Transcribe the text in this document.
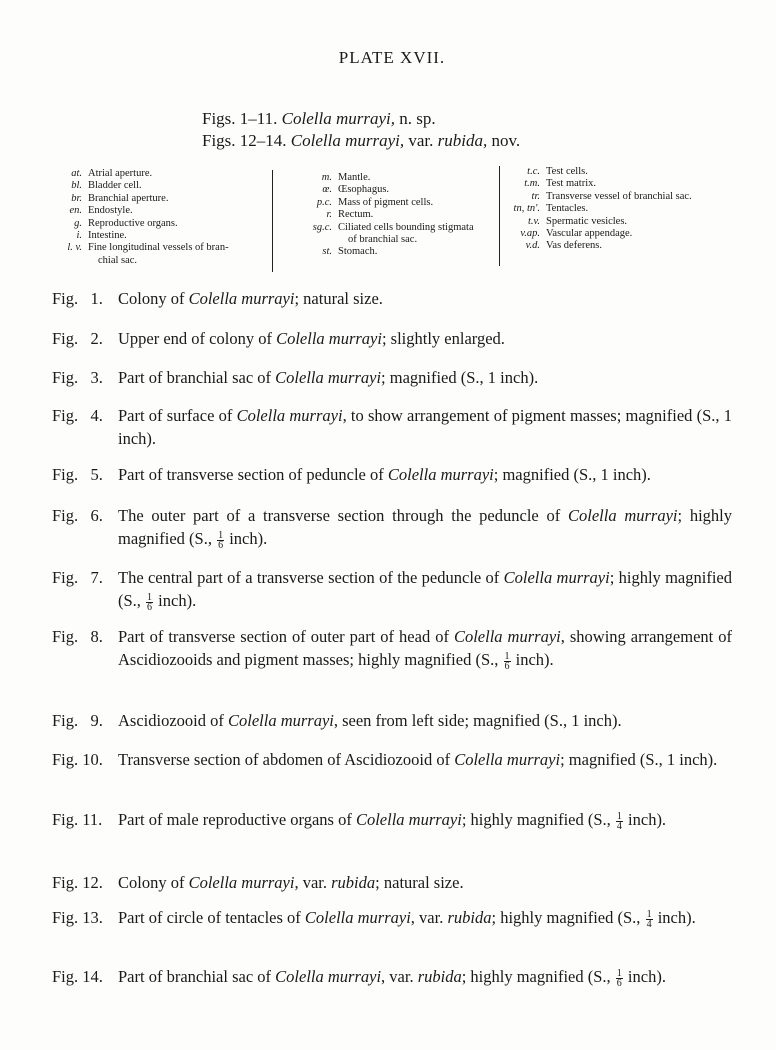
PLATE XVII.
Figs. 1–11. Colella murrayi, n. sp.
Figs. 12–14. Colella murrayi, var. rubida, nov.
at. Atrial aperture.
bl. Bladder cell.
br. Branchial aperture.
en. Endostyle.
g. Reproductive organs.
i. Intestine.
l. v. Fine longitudinal vessels of bran-
chial sac.
m. Mantle.
œ. Œsophagus.
p.c. Mass of pigment cells.
r. Rectum.
sg.c. Ciliated cells bounding stigmata
of branchial sac.
st. Stomach.
t.c. Test cells.
t.m. Test matrix.
tr. Transverse vessel of branchial sac.
tn, tn'. Tentacles.
t.v. Spermatic vesicles.
v.ap. Vascular appendage.
v.d. Vas deferens.
Fig.   1. Colony of Colella murrayi; natural size.
Fig.   2. Upper end of colony of Colella murrayi; slightly enlarged.
Fig.   3. Part of branchial sac of Colella murrayi; magnified (S., 1 inch).
Fig.   4. Part of surface of Colella murrayi, to show arrangement of pigment masses; magnified (S., 1 inch).
Fig.   5. Part of transverse section of peduncle of Colella murrayi; magnified (S., 1 inch).
Fig.   6. The outer part of a transverse section through the peduncle of Colella murrayi; highly magnified (S., $\frac{1}{6}$ inch).
Fig.   7. The central part of a transverse section of the peduncle of Colella murrayi; highly magnified (S., $\frac{1}{6}$ inch).
Fig.   8. Part of transverse section of outer part of head of Colella murrayi, showing arrangement of Ascidiozooids and pigment masses; highly magnified (S., $\frac{1}{6}$ inch).
Fig.   9. Ascidiozooid of Colella murrayi, seen from left side; magnified (S., 1 inch).
Fig. 10. Transverse section of abdomen of Ascidiozooid of Colella murrayi; magnified (S., 1 inch).
Fig. 11. Part of male reproductive organs of Colella murrayi; highly magnified (S., $\frac{1}{4}$ inch).
Fig. 12. Colony of Colella murrayi, var. rubida; natural size.
Fig. 13. Part of circle of tentacles of Colella murrayi, var. rubida; highly magnified (S., $\frac{1}{4}$ inch).
Fig. 14. Part of branchial sac of Colella murrayi, var. rubida; highly magnified (S., $\frac{1}{6}$ inch).
